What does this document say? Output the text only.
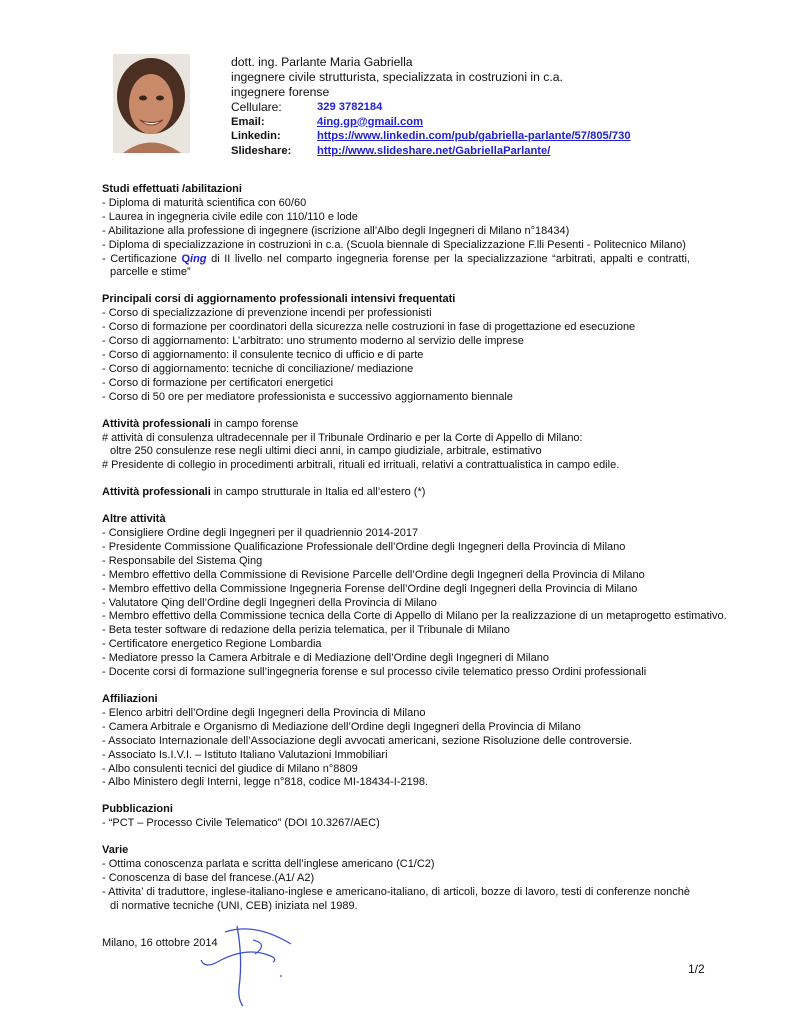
dott. ing. Parlante Maria Gabriella
ingegnere civile strutturista, specializzata in costruzioni in c.a.
ingegnere forense
Cellulare:	329 3782184
Email:	4ing.gp@gmail.com
Linkedin:	https://www.linkedin.com/pub/gabriella-parlante/57/805/730
Slideshare:	http://www.slideshare.net/GabriellaParlante/
Studi effettuati /abilitazioni
- Diploma di maturità scientifica con 60/60
- Laurea in ingegneria civile edile con 110/110 e lode
- Abilitazione alla professione di ingegnere (iscrizione all’Albo degli Ingegneri di Milano n°18434)
- Diploma di specializzazione in costruzioni in c.a. (Scuola biennale di Specializzazione F.lli Pesenti - Politecnico Milano)
- Certificazione Qing di II livello nel comparto ingegneria forense per la specializzazione “arbitrati, appalti e contratti, parcelle e stime”
Principali corsi di aggiornamento professionali intensivi frequentati
- Corso di specializzazione di prevenzione incendi per professionisti
- Corso di formazione per coordinatori della sicurezza nelle costruzioni in fase di progettazione ed esecuzione
- Corso di aggiornamento: L’arbitrato: uno strumento moderno al servizio delle imprese
- Corso di aggiornamento: il consulente tecnico di ufficio e di parte
- Corso di aggiornamento: tecniche di conciliazione/ mediazione
- Corso di formazione per certificatori energetici
- Corso di 50 ore per mediatore professionista e successivo aggiornamento biennale
Attività professionali in campo forense
# attività di consulenza ultradecennale per il Tribunale Ordinario e per la Corte di Appello di Milano:
oltre 250 consulenze rese negli ultimi dieci anni, in campo giudiziale, arbitrale, estimativo
# Presidente di collegio in procedimenti arbitrali, rituali ed irrituali, relativi a contrattualistica in campo edile.
Attività professionali in campo strutturale in Italia ed all’estero (*)
Altre attività
- Consigliere Ordine degli Ingegneri per il quadriennio 2014-2017
- Presidente Commissione Qualificazione Professionale dell’Ordine degli Ingegneri della Provincia di Milano
- Responsabile del Sistema Qing
- Membro effettivo della Commissione di Revisione Parcelle dell’Ordine degli Ingegneri della Provincia di Milano
- Membro effettivo della Commissione Ingegneria Forense dell’Ordine degli Ingegneri della Provincia di Milano
- Valutatore Qing dell’Ordine degli Ingegneri della Provincia di Milano
- Membro effettivo della Commissione tecnica della Corte di Appello di Milano per la realizzazione di un metaprogetto estimativo.
- Beta tester software di redazione della perizia telematica, per il Tribunale di Milano
- Certificatore energetico Regione Lombardia
- Mediatore presso la Camera Arbitrale e di Mediazione dell’Ordine degli Ingegneri di Milano
- Docente corsi di formazione sull’ingegneria forense e sul processo civile telematico presso Ordini professionali
Affiliazioni
- Elenco arbitri dell’Ordine degli Ingegneri della Provincia di Milano
- Camera Arbitrale e Organismo di Mediazione dell’Ordine degli Ingegneri della Provincia di Milano
- Associato Internazionale dell’Associazione degli avvocati americani, sezione Risoluzione delle controversie.
- Associato Is.I.V.I. – Istituto Italiano Valutazioni Immobiliari
- Albo consulenti tecnici del giudice di Milano n°8809
- Albo Ministero degli Interni, legge n°818, codice MI-18434-I-2198.
Pubblicazioni
- “PCT – Processo Civile Telematico” (DOI 10.3267/AEC)
Varie
- Ottima conoscenza parlata e scritta dell’inglese americano (C1/C2)
- Conoscenza di base del francese.(A1/ A2)
- Attivita’ di traduttore, inglese-italiano-inglese e americano-italiano, di articoli, bozze di lavoro, testi di conferenze nonchè di normative tecniche (UNI, CEB) iniziata nel 1989.
Milano, 16 ottobre 2014
1/2
